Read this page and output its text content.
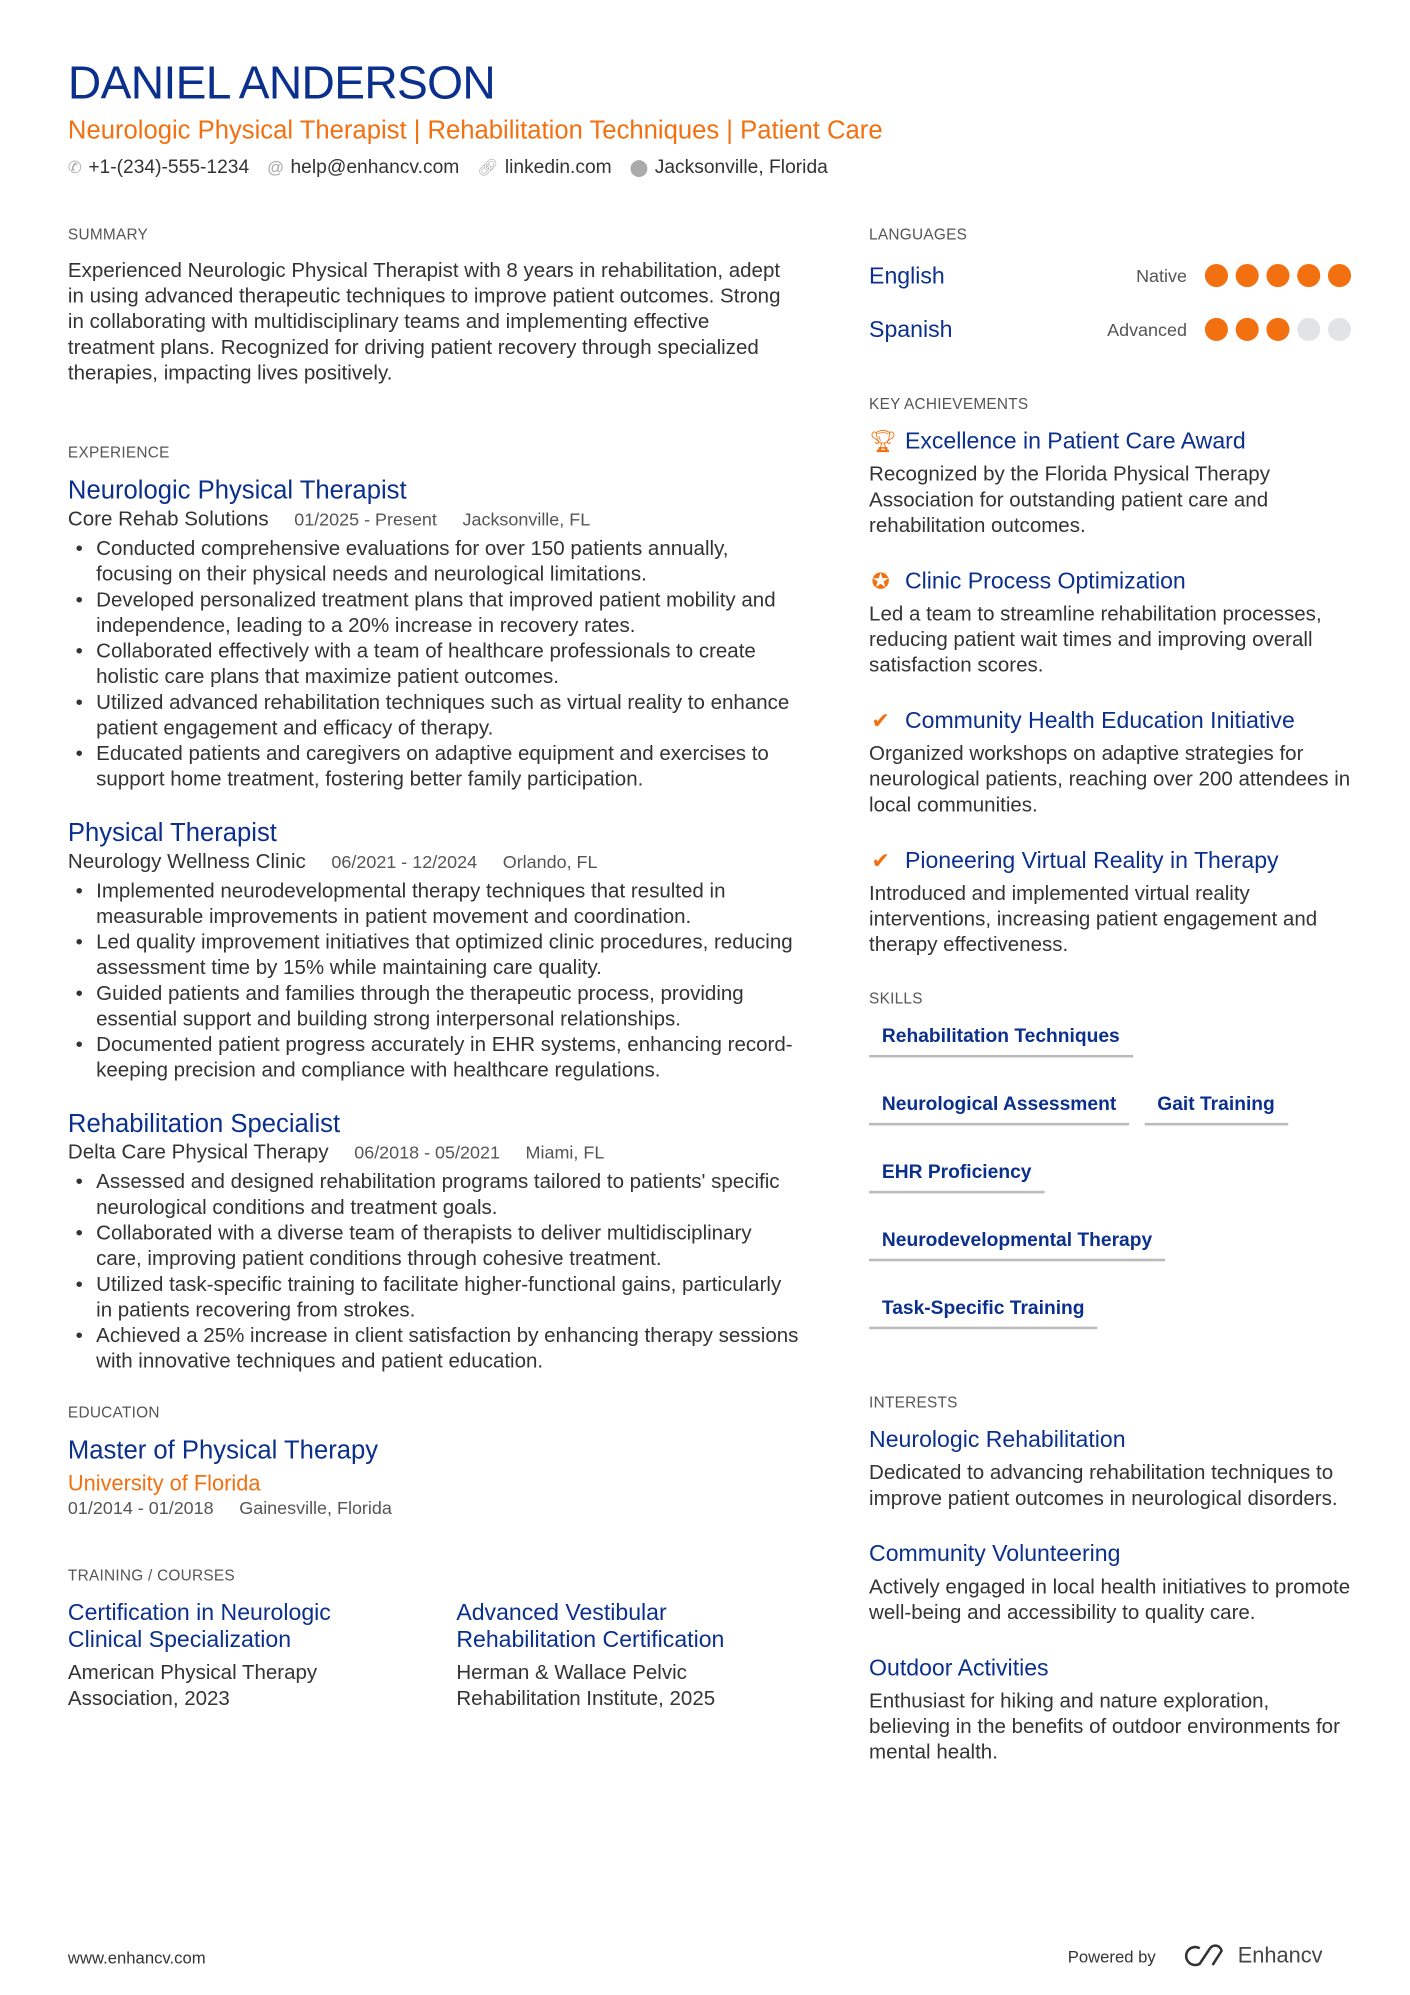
DANIEL ANDERSON
Neurologic Physical Therapist | Rehabilitation Techniques | Patient Care
✆ +1-(234)-555-1234 @ help@enhancv.com 🔗︎ linkedin.com ⬤ Jacksonville, Florida
SUMMARY
Experienced Neurologic Physical Therapist with 8 years in rehabilitation, adept in using advanced therapeutic techniques to improve patient outcomes. Strong in collaborating with multidisciplinary teams and implementing effective treatment plans. Recognized for driving patient recovery through specialized therapies, impacting lives positively.
EXPERIENCE
Neurologic Physical Therapist
Core Rehab Solutions 01/2025 - Present Jacksonville, FL
• Conducted comprehensive evaluations for over 150 patients annually, focusing on their physical needs and neurological limitations.
• Developed personalized treatment plans that improved patient mobility and independence, leading to a 20% increase in recovery rates.
• Collaborated effectively with a team of healthcare professionals to create holistic care plans that maximize patient outcomes.
• Utilized advanced rehabilitation techniques such as virtual reality to enhance patient engagement and efficacy of therapy.
• Educated patients and caregivers on adaptive equipment and exercises to support home treatment, fostering better family participation.
Physical Therapist
Neurology Wellness Clinic 06/2021 - 12/2024 Orlando, FL
• Implemented neurodevelopmental therapy techniques that resulted in measurable improvements in patient movement and coordination.
• Led quality improvement initiatives that optimized clinic procedures, reducing assessment time by 15% while maintaining care quality.
• Guided patients and families through the therapeutic process, providing essential support and building strong interpersonal relationships.
• Documented patient progress accurately in EHR systems, enhancing record-keeping precision and compliance with healthcare regulations.
Rehabilitation Specialist
Delta Care Physical Therapy 06/2018 - 05/2021 Miami, FL
• Assessed and designed rehabilitation programs tailored to patients' specific neurological conditions and treatment goals.
• Collaborated with a diverse team of therapists to deliver multidisciplinary care, improving patient conditions through cohesive treatment.
• Utilized task-specific training to facilitate higher-functional gains, particularly in patients recovering from strokes.
• Achieved a 25% increase in client satisfaction by enhancing therapy sessions with innovative techniques and patient education.
EDUCATION
Master of Physical Therapy
University of Florida
01/2014 - 01/2018 Gainesville, Florida
TRAINING / COURSES
Certification in Neurologic Clinical Specialization
American Physical Therapy Association, 2023
Advanced Vestibular Rehabilitation Certification
Herman & Wallace Pelvic Rehabilitation Institute, 2025
LANGUAGES
English	Native
Spanish	Advanced
KEY ACHIEVEMENTS
🏆︎ Excellence in Patient Care Award
Recognized by the Florida Physical Therapy Association for outstanding patient care and rehabilitation outcomes.
✪ Clinic Process Optimization
Led a team to streamline rehabilitation processes, reducing patient wait times and improving overall satisfaction scores.
✔ Community Health Education Initiative
Organized workshops on adaptive strategies for neurological patients, reaching over 200 attendees in local communities.
✔ Pioneering Virtual Reality in Therapy
Introduced and implemented virtual reality interventions, increasing patient engagement and therapy effectiveness.
SKILLS
Rehabilitation Techniques
Neurological Assessment	Gait Training
EHR Proficiency
Neurodevelopmental Therapy
Task-Specific Training
INTERESTS
Neurologic Rehabilitation
Dedicated to advancing rehabilitation techniques to improve patient outcomes in neurological disorders.
Community Volunteering
Actively engaged in local health initiatives to promote well-being and accessibility to quality care.
Outdoor Activities
Enthusiast for hiking and nature exploration, believing in the benefits of outdoor environments for mental health.
www.enhancv.com	Powered by	Enhancv
